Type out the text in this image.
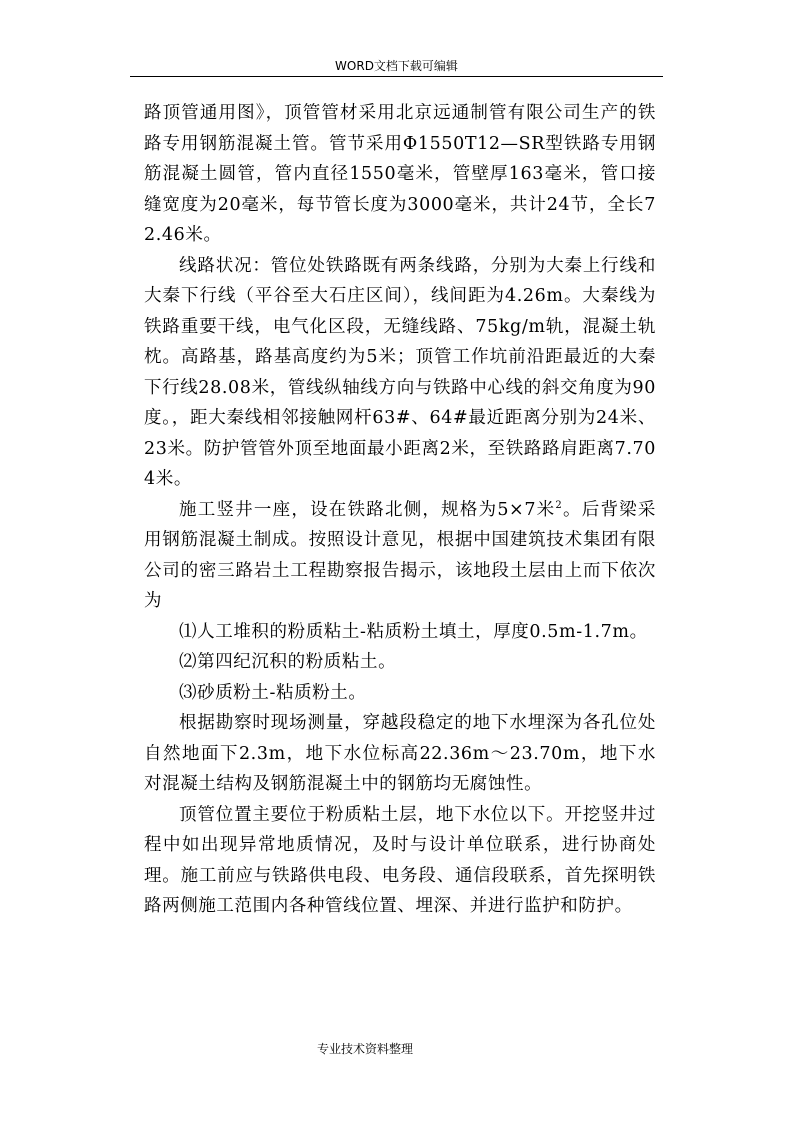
WORD文档下载可编辑

路顶管通用图》，顶管管材采用北京远通制管有限公司生产的铁路专用钢筋混凝土管。管节采用Φ1550T12—SR型铁路专用钢筋混凝土圆管，管内直径1550毫米，管壁厚163毫米，管口接缝宽度为20毫米，每节管长度为3000毫米，共计24节，全长72.46米。

线路状况：管位处铁路既有两条线路，分别为大秦上行线和大秦下行线（平谷至大石庄区间），线间距为4.26m。大秦线为铁路重要干线，电气化区段，无缝线路、75kg/m轨，混凝土轨枕。高路基，路基高度约为5米；顶管工作坑前沿距最近的大秦下行线28.08米，管线纵轴线方向与铁路中心线的斜交角度为90度。，距大秦线相邻接触网杆63#、64#最近距离分别为24米、23米。防护管管外顶至地面最小距离2米，至铁路路肩距离7.704米。

施工竖井一座，设在铁路北侧，规格为5×7米$^2$。后背梁采用钢筋混凝土制成。按照设计意见，根据中国建筑技术集团有限公司的密三路岩土工程勘察报告揭示，该地段土层由上而下依次为

⑴人工堆积的粉质粘土-粘质粉土填土，厚度0.5m-1.7m。

⑵第四纪沉积的粉质粘土。

⑶砂质粉土-粘质粉土。

根据勘察时现场测量，穿越段稳定的地下水埋深为各孔位处自然地面下2.3m，地下水位标高22.36m～23.70m，地下水对混凝土结构及钢筋混凝土中的钢筋均无腐蚀性。

顶管位置主要位于粉质粘土层，地下水位以下。开挖竖井过程中如出现异常地质情况，及时与设计单位联系，进行协商处理。施工前应与铁路供电段、电务段、通信段联系，首先探明铁路两侧施工范围内各种管线位置、埋深、并进行监护和防护。

专业技术资料整理
